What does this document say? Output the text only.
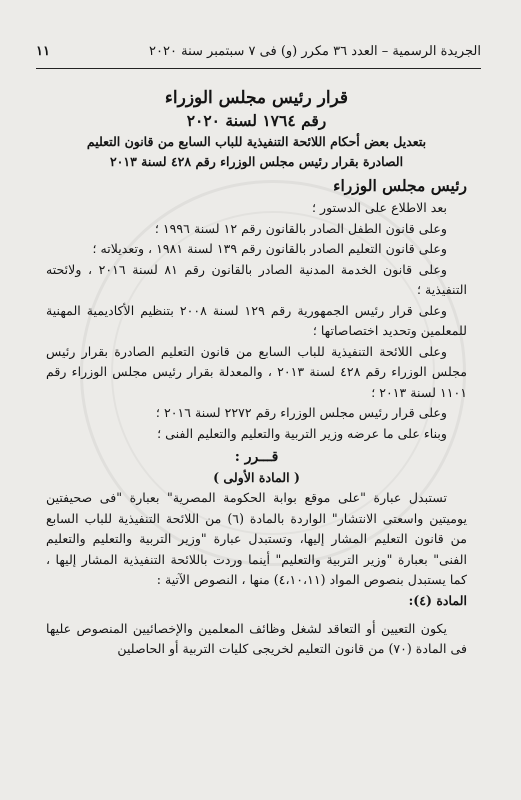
الجريدة الرسمية – العدد ٣٦ مكرر (و) فى ٧ سبتمبر سنة ٢٠٢٠
١١
قرار رئيس مجلس الوزراء
رقم ١٧٦٤ لسنة ٢٠٢٠
بتعديل بعض أحكام اللائحة التنفيذية للباب السابع من قانون التعليم
الصادرة بقرار رئيس مجلس الوزراء رقم ٤٢٨ لسنة ٢٠١٣
رئيس مجلس الوزراء
بعد الاطلاع على الدستور ؛
وعلى قانون الطفل الصادر بالقانون رقم ١٢ لسنة ١٩٩٦ ؛
وعلى قانون التعليم الصادر بالقانون رقم ١٣٩ لسنة ١٩٨١ ، وتعديلاته ؛
وعلى قانون الخدمة المدنية الصادر بالقانون رقم ٨١ لسنة ٢٠١٦ ، ولائحته التنفيذية ؛
وعلى قرار رئيس الجمهورية رقم ١٢٩ لسنة ٢٠٠٨ بتنظيم الأكاديمية المهنية للمعلمين وتحديد اختصاصاتها ؛
وعلى اللائحة التنفيذية للباب السابع من قانون التعليم الصادرة بقرار رئيس مجلس الوزراء رقم ٤٢٨ لسنة ٢٠١٣ ، والمعدلة بقرار رئيس مجلس الوزراء رقم ١١٠١ لسنة ٢٠١٣ ؛
وعلى قرار رئيس مجلس الوزراء رقم ٢٢٧٢ لسنة ٢٠١٦ ؛
وبناء على ما عرضه وزير التربية والتعليم والتعليم الفنى ؛
قـــرر :
( المادة الأولى )
تستبدل عبارة "على موقع بوابة الحكومة المصرية" بعبارة "فى صحيفتين يوميتين واسعتى الانتشار" الواردة بالمادة (٦) من اللائحة التنفيذية للباب السابع من قانون التعليم المشار إليها، وتستبدل عبارة "وزير التربية والتعليم والتعليم الفنى" بعبارة "وزير التربية والتعليم" أينما وردت باللائحة التنفيذية المشار إليها ، كما يستبدل بنصوص المواد (٤،١٠،١١) منها ، النصوص الآتية :
المادة (٤):
يكون التعيين أو التعاقد لشغل وظائف المعلمين والإخصائيين المنصوص عليها فى المادة (٧٠) من قانون التعليم لخريجى كليات التربية أو الحاصلين
